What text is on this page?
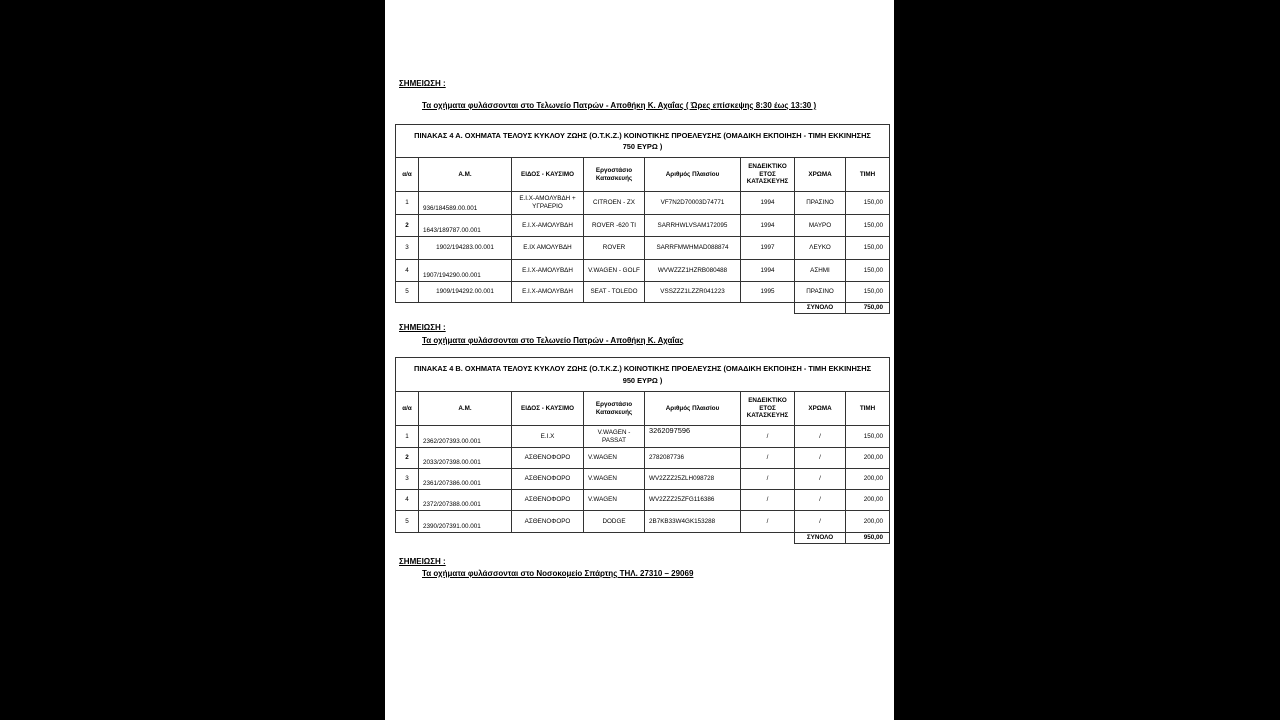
ΣΗΜΕΙΩΣΗ :
Τα οχήματα φυλάσσονται στο Τελωνείο Πατρών - Αποθήκη Κ. Αχαΐας ( Ώρες επίσκεψης 8:30 έως 13:30 )
ΠΙΝΑΚΑΣ 4 Α. ΟΧΗΜΑΤΑ ΤΕΛΟΥΣ ΚΥΚΛΟΥ ΖΩΗΣ (Ο.Τ.Κ.Ζ.) ΚΟΙΝΟΤΙΚΗΣ ΠΡΟΕΛΕΥΣΗΣ (ΟΜΑΔΙΚΗ ΕΚΠΟΙΗΣΗ - ΤΙΜΗ ΕΚΚΙΝΗΣΗΣ 750 ΕΥΡΩ )							
α/α	Α.Μ.	ΕΙΔΟΣ - ΚΑΥΣΙΜΟ	Εργοστάσιο Κατασκευής	Αριθμός Πλαισίου	ΕΝΔΕΙΚΤΙΚΟ ΕΤΟΣ ΚΑΤΑΣΚΕΥΗΣ	ΧΡΩΜΑ	ΤΙΜΗ
1	936/184589.00.001	Ε.Ι.Χ-ΑΜΟΛΥΒΔΗ + ΥΓΡΑΕΡΙΟ	CITROEN - ZX	VF7N2D70003D74771	1994	ΠΡΑΣΙΝΟ	150,00
2	1643/189787.00.001	Ε.Ι.Χ-ΑΜΟΛΥΒΔΗ	ROVER -620 TI	SARRHWLVSAM172095	1994	ΜΑΥΡΟ	150,00
3	1902/194283.00.001	Ε.ΙΧ ΑΜΟΛΥΒΔΗ	ROVER	SARRFMWHMAD088874	1997	ΛΕΥΚΟ	150,00
4	1907/194290.00.001	Ε.Ι.Χ-ΑΜΟΛΥΒΔΗ	V.WAGEN - GOLF	WVWZZZ1HZRB080488	1994	ΑΣΗΜΙ	150,00
5	1909/194292.00.001	Ε.Ι.Χ-ΑΜΟΛΥΒΔΗ	SEAT - TOLEDO	VSSZZZ1LZZR041223	1995	ΠΡΑΣΙΝΟ	150,00
						ΣΥΝΟΛΟ	750,00
ΣΗΜΕΙΩΣΗ :
Τα οχήματα φυλάσσονται στο Τελωνείο Πατρών - Αποθήκη Κ. Αχαΐας
ΠΙΝΑΚΑΣ 4 Β. ΟΧΗΜΑΤΑ ΤΕΛΟΥΣ ΚΥΚΛΟΥ ΖΩΗΣ (Ο.Τ.Κ.Ζ.) ΚΟΙΝΟΤΙΚΗΣ ΠΡΟΕΛΕΥΣΗΣ (ΟΜΑΔΙΚΗ ΕΚΠΟΙΗΣΗ - ΤΙΜΗ ΕΚΚΙΝΗΣΗΣ 950 ΕΥΡΩ )							
α/α	Α.Μ.	ΕΙΔΟΣ - ΚΑΥΣΙΜΟ	Εργοστάσιο Κατασκευής	Αριθμός Πλαισίου	ΕΝΔΕΙΚΤΙΚΟ ΕΤΟΣ ΚΑΤΑΣΚΕΥΗΣ	ΧΡΩΜΑ	ΤΙΜΗ
1	2362/207393.00.001	Ε.Ι.Χ	V.WAGEN - PASSAT	3262097596	/	/	150,00
2	2033/207398.00.001	ΑΣΘΕΝΟΦΟΡΟ	V.WAGEN	2782087736	/	/	200,00
3	2361/207386.00.001	ΑΣΘΕΝΟΦΟΡΟ	V.WAGEN	WV2ZZZ25ZLH098728	/	/	200,00
4	2372/207388.00.001	ΑΣΘΕΝΟΦΟΡΟ	V.WAGEN	WV2ZZZ25ZFG116386	/	/	200,00
5	2390/207391.00.001	ΑΣΘΕΝΟΦΟΡΟ	DODGE	2B7KB33W4GK153288	/	/	200,00
						ΣΥΝΟΛΟ	950,00
ΣΗΜΕΙΩΣΗ :
Τα οχήματα φυλάσσονται στο Νοσοκομείο Σπάρτης ΤΗΛ. 27310 – 29069
